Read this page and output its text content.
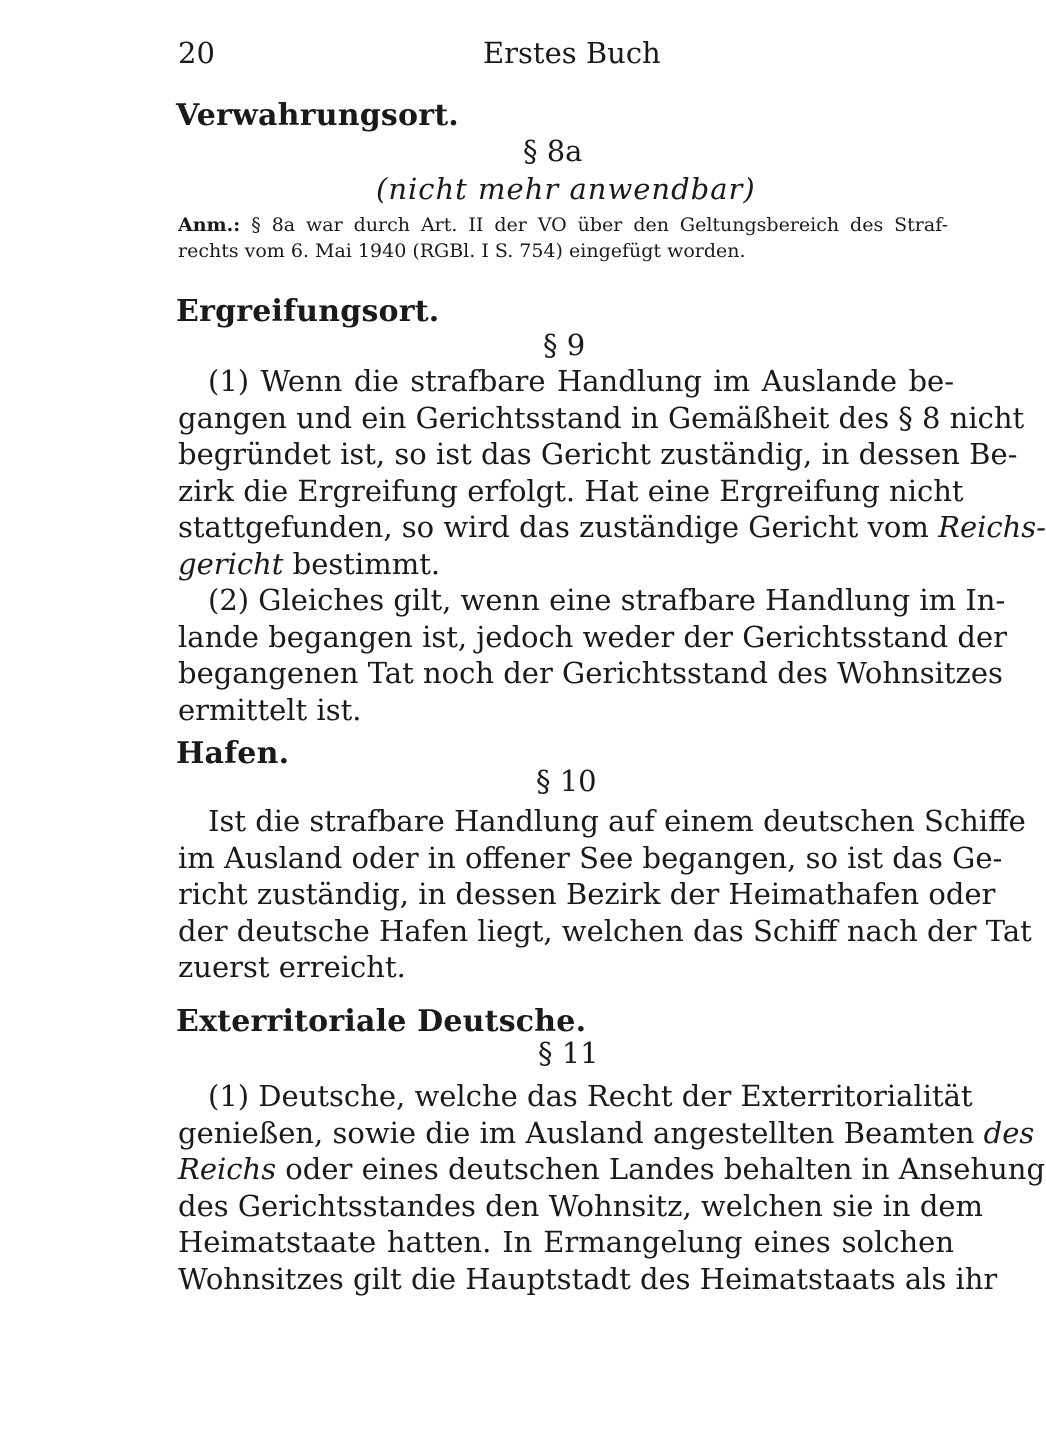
20	Erstes Buch
Verwahrungsort.
§ 8a
(nicht mehr anwendbar)
Anm.: § 8a war durch Art. II der VO über den Geltungsbereich des Straf-
rechts vom 6. Mai 1940 (RGBl. I S. 754) eingefügt worden.
Ergreifungsort.
§ 9
(1) Wenn die strafbare Handlung im Auslande be-
gangen und ein Gerichtsstand in Gemäßheit des § 8 nicht
begründet ist, so ist das Gericht zuständig, in dessen Be-
zirk die Ergreifung erfolgt. Hat eine Ergreifung nicht
stattgefunden, so wird das zuständige Gericht vom Reichs-
gericht bestimmt.
(2) Gleiches gilt, wenn eine strafbare Handlung im In-
lande begangen ist, jedoch weder der Gerichtsstand der
begangenen Tat noch der Gerichtsstand des Wohnsitzes
ermittelt ist.
Hafen.
§ 10
Ist die strafbare Handlung auf einem deutschen Schiffe
im Ausland oder in offener See begangen, so ist das Ge-
richt zuständig, in dessen Bezirk der Heimathafen oder
der deutsche Hafen liegt, welchen das Schiff nach der Tat
zuerst erreicht.
Exterritoriale Deutsche.
§ 11
(1) Deutsche, welche das Recht der Exterritorialität
genießen, sowie die im Ausland angestellten Beamten des
Reichs oder eines deutschen Landes behalten in Ansehung
des Gerichtsstandes den Wohnsitz, welchen sie in dem
Heimatstaate hatten. In Ermangelung eines solchen
Wohnsitzes gilt die Hauptstadt des Heimatstaats als ihr
